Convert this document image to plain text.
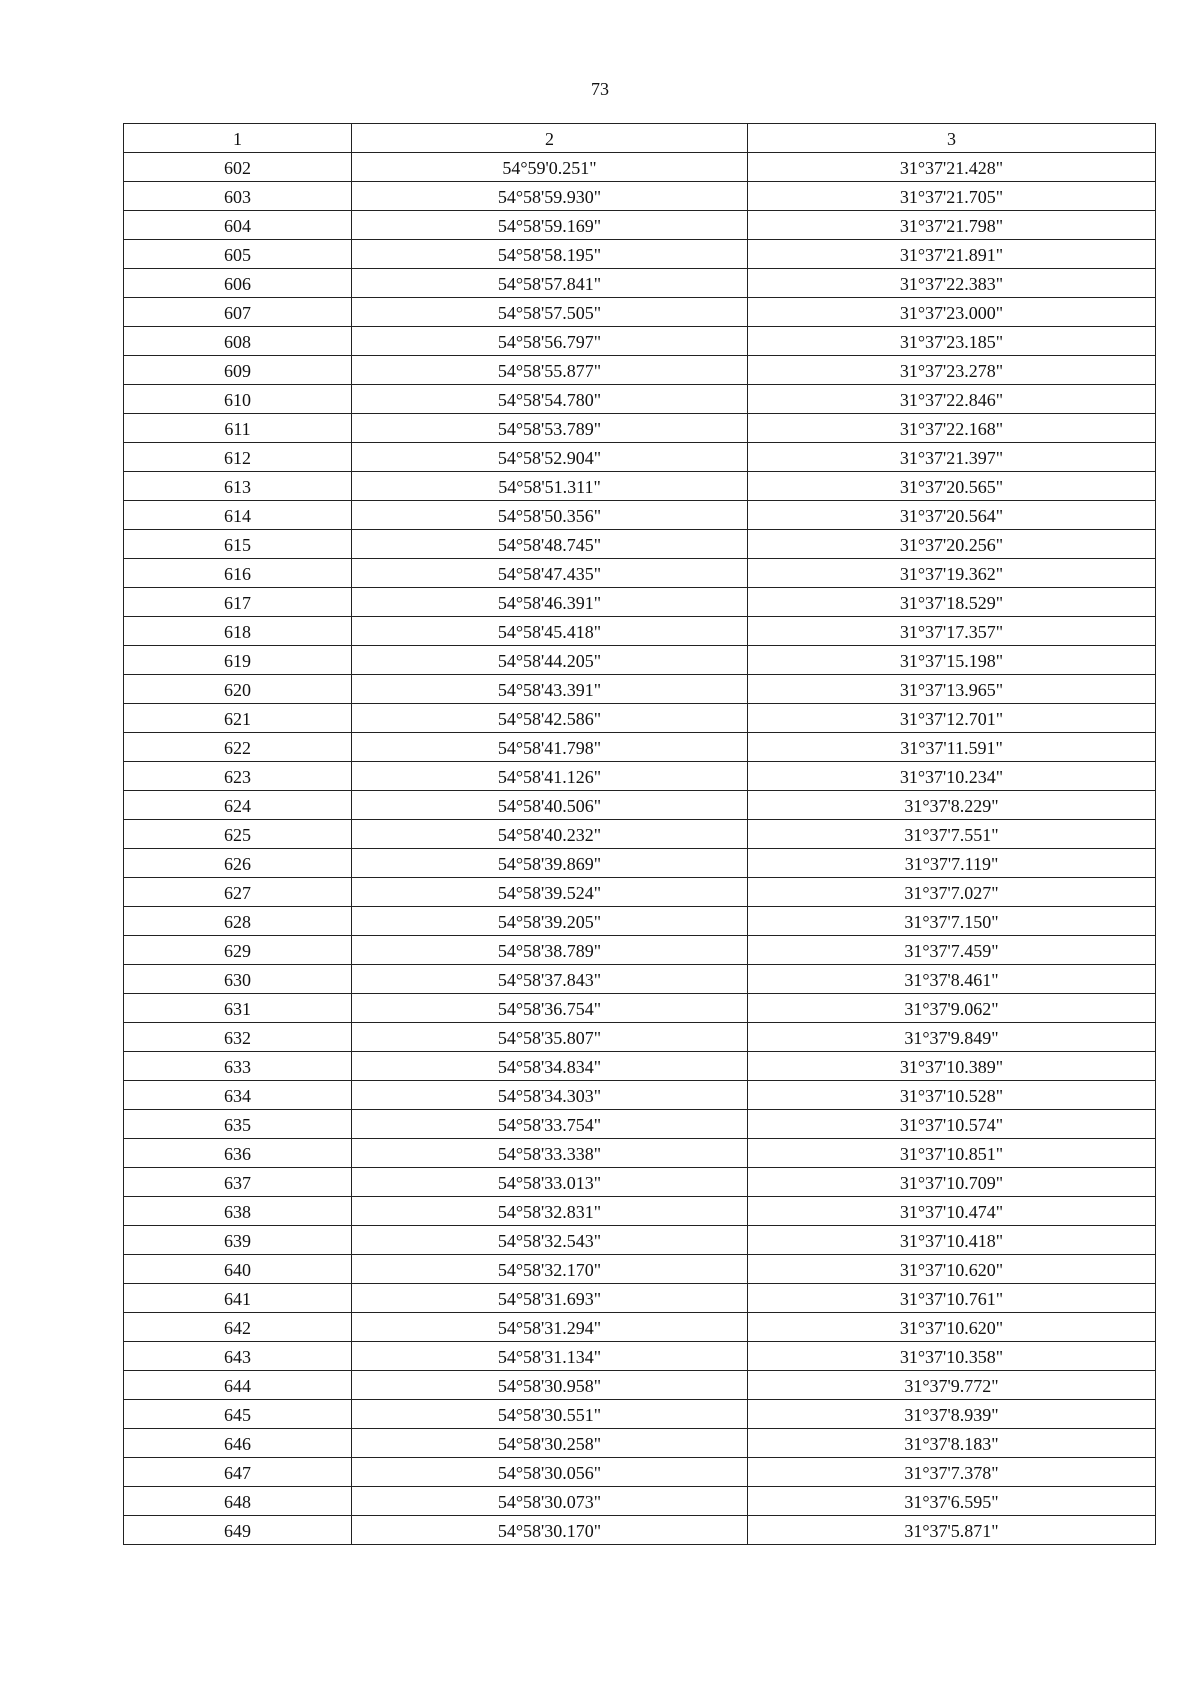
73
1	2	3
602	54°59'0.251"	31°37'21.428"
603	54°58'59.930"	31°37'21.705"
604	54°58'59.169"	31°37'21.798"
605	54°58'58.195"	31°37'21.891"
606	54°58'57.841"	31°37'22.383"
607	54°58'57.505"	31°37'23.000"
608	54°58'56.797"	31°37'23.185"
609	54°58'55.877"	31°37'23.278"
610	54°58'54.780"	31°37'22.846"
611	54°58'53.789"	31°37'22.168"
612	54°58'52.904"	31°37'21.397"
613	54°58'51.311"	31°37'20.565"
614	54°58'50.356"	31°37'20.564"
615	54°58'48.745"	31°37'20.256"
616	54°58'47.435"	31°37'19.362"
617	54°58'46.391"	31°37'18.529"
618	54°58'45.418"	31°37'17.357"
619	54°58'44.205"	31°37'15.198"
620	54°58'43.391"	31°37'13.965"
621	54°58'42.586"	31°37'12.701"
622	54°58'41.798"	31°37'11.591"
623	54°58'41.126"	31°37'10.234"
624	54°58'40.506"	31°37'8.229"
625	54°58'40.232"	31°37'7.551"
626	54°58'39.869"	31°37'7.119"
627	54°58'39.524"	31°37'7.027"
628	54°58'39.205"	31°37'7.150"
629	54°58'38.789"	31°37'7.459"
630	54°58'37.843"	31°37'8.461"
631	54°58'36.754"	31°37'9.062"
632	54°58'35.807"	31°37'9.849"
633	54°58'34.834"	31°37'10.389"
634	54°58'34.303"	31°37'10.528"
635	54°58'33.754"	31°37'10.574"
636	54°58'33.338"	31°37'10.851"
637	54°58'33.013"	31°37'10.709"
638	54°58'32.831"	31°37'10.474"
639	54°58'32.543"	31°37'10.418"
640	54°58'32.170"	31°37'10.620"
641	54°58'31.693"	31°37'10.761"
642	54°58'31.294"	31°37'10.620"
643	54°58'31.134"	31°37'10.358"
644	54°58'30.958"	31°37'9.772"
645	54°58'30.551"	31°37'8.939"
646	54°58'30.258"	31°37'8.183"
647	54°58'30.056"	31°37'7.378"
648	54°58'30.073"	31°37'6.595"
649	54°58'30.170"	31°37'5.871"
